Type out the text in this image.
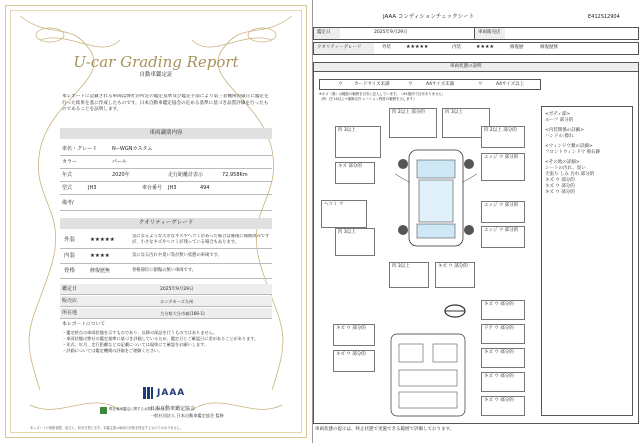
U-car Grading Report
自動車鑑定証
本レポートに記載される車両は弊社が所定の鑑定基準及び鑑定手法により第三者機関が厳正に鑑定を行った結果を基に作成したものです。日本自動車鑑定協会の定める基準に基づき品質評価を行ったものであることを証明します。
車両識別内容
車名・グレード	N−WGNカスタム
カラー	パール
年式	2020年	走行距離計表示	72,958Km
型式	JH3	車台番号 JH3	494
備考/
クオリティーグレード
外装	★★★★★
気になるような大きなキズやヘコミがあった場合は修復に補修済みですが、小さなキズやヘコミが残っている場合もあります。
内装	★★★★	気になる汚れや臭い等が無い状態の車両です。
骨格	修復歴無	骨格部位に損傷の無い車両です。
鑑定日	2025年9月29日
販売店	ホンダカーズ九州
所在地	大分県大分市森(166-1)
本レポートについて
・鑑定時点の車両状態を示すものであり、以降の保証を行うものではありません。
・車両状態は弊社の鑑定基準に基づき評価しているため、鑑定日とご確認日に差があることがあります。
・年式、年月、走行距離などの記載については現車にて確認をお願いします。
・評価については鑑定機関の評価をご理解ください。
JAAA
弊社車両鑑定に関するお問い合わせ
日本自動車鑑定協会
一般社団法人 日本自動車鑑定協会 監修
本レポートの無断複製、改ざん、転用を禁じます。本鑑定書は車両の状態を保証するものではありません。
JAAA コンディションチェックシート	E412S12904
鑑定日	2025年9月29日	車両販売店
クオリティーグレード	外装	★★★★★	内装	★★★★	修復歴	修復歴無
車両状態の説明
ウ	カードサイズ未満	ウ	A4サイズ未満	ウ	A4サイズ以上
※キズ（傷）は撮影の範囲を目安に記入しています。（※1箇所で目安ありません）
（例：凹 10以上→補修以外 レーション程度の範囲を示します）
凹 3以上
凹 2以上 部分的	凹 3以上
凹 2以上 部分的
エッジ ウ 部分的
キズ 部分的
ヘコミ ウ	エッジ ウ 部分的
エッジ ウ 部分的
凹 3以上
凹 3以上	キズ ウ 部分的
キズ ウ 部分的
キズ ウ 部分的	ドア ウ 部分的
キズ ウ 部分的	キズ ウ 部分的
キズ ウ 部分的
キズ ウ 部分的
<ボディ部>
ルーフ 部分的
<内装関係の詳細>
ハンドル:擦れ
<ウィンドウ類の詳細>
フロントウィンドウ 飛石跡
<その他の詳細>
シートの汚れ、臭い
天張り しみ 汚れ 部分的
キズ ウ 部分的
キズ ウ 部分的
キズ ウ 部分的
車両状態の提示は、終止状態で実施できる範囲で評価しております。
